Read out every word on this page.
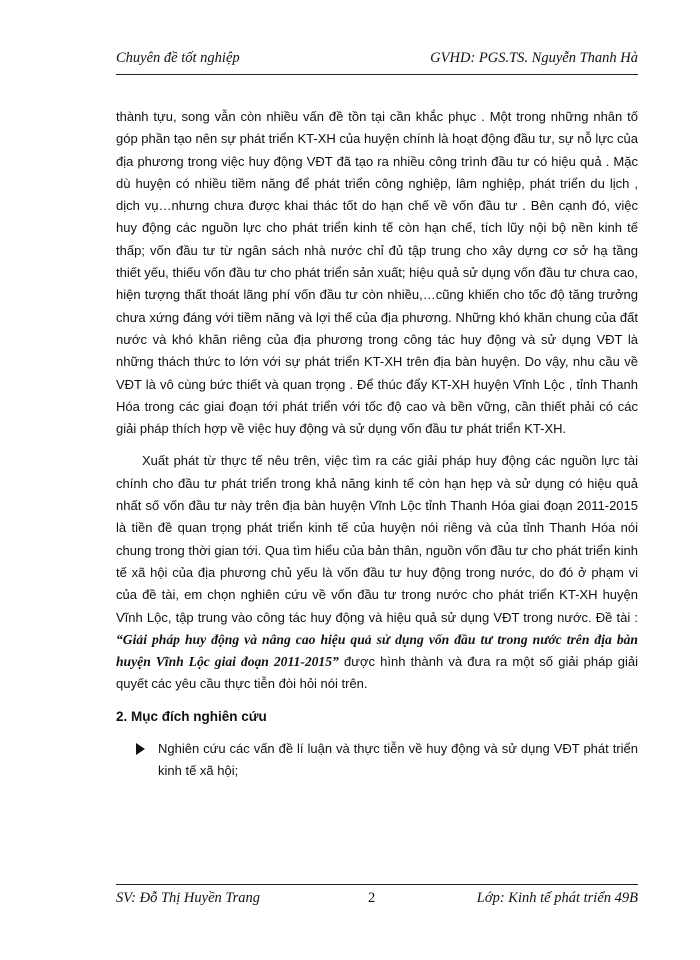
Chuyên đề tốt nghiệp	GVHD: PGS.TS. Nguyễn Thanh Hà

thành tựu, song vẫn còn nhiều vấn đề tồn tại cần khắc phục . Một trong những nhân tố góp phần tạo nên sự phát triển KT-XH của huyện chính là hoạt động đầu tư, sự nỗ lực của địa phương trong việc huy động VĐT đã tạo ra nhiều công trình đầu tư có hiệu quả . Mặc dù huyện có nhiều tiềm năng để phát triển công nghiệp, lâm nghiệp, phát triển du lịch , dịch vụ…nhưng chưa được khai thác tốt do hạn chế về vốn đầu tư . Bên cạnh đó, việc huy động các nguồn lực cho phát triển kinh tế còn hạn chế, tích lũy nội bộ nền kinh tế thấp; vốn đầu tư từ ngân sách nhà nước chỉ đủ tập trung cho xây dựng cơ sở hạ tầng thiết yếu, thiếu vốn đầu tư cho phát triển sản xuất; hiệu quả sử dụng vốn đầu tư chưa cao, hiện tượng thất thoát lãng phí vốn đầu tư còn nhiều,…cũng khiến cho tốc độ tăng trưởng chưa xứng đáng với tiềm năng và lợi thế của địa phương. Những khó khăn chung của đất nước và khó khăn riêng của địa phương trong công tác huy động và sử dụng VĐT là những thách thức to lớn với sự phát triển KT-XH trên địa bàn huyện. Do vậy, nhu cầu về VĐT là vô cùng bức thiết và quan trọng . Để thúc đẩy KT-XH huyện Vĩnh Lộc , tỉnh Thanh Hóa trong các giai đoạn tới phát triển với tốc độ cao và bền vững, cần thiết phải có các giải pháp thích hợp về việc huy động và sử dụng vốn đầu tư phát triển KT-XH.

Xuất phát từ thực tế nêu trên, việc tìm ra các giải pháp huy động các nguồn lực tài chính cho đầu tư phát triển trong khả năng kinh tế còn hạn hẹp và sử dụng có hiệu quả nhất số vốn đầu tư này trên địa bàn huyện Vĩnh Lộc tỉnh Thanh Hóa giai đoạn 2011-2015 là tiền đề quan trọng phát triển kinh tế của huyện nói riêng và của tỉnh Thanh Hóa nói chung trong thời gian tới. Qua tìm hiểu của bản thân, nguồn vốn đầu tư cho phát triển kinh tế xã hội của địa phương chủ yếu là vốn đầu tư huy động trong nước, do đó ở phạm vi của đề tài, em chọn nghiên cứu về vốn đầu tư trong nước cho phát triển KT-XH huyện Vĩnh Lộc, tập trung vào công tác huy động và hiệu quả sử dụng VĐT trong nước. Đề tài : “Giải pháp huy động và nâng cao hiệu quả sử dụng vốn đầu tư trong nước trên địa bàn huyện Vĩnh Lộc giai đoạn 2011-2015” được hình thành và đưa ra một số giải pháp giải quyết các yêu cầu thực tiễn đòi hỏi nói trên.

2. Mục đích nghiên cứu
Nghiên cứu các vấn đề lí luận và thực tiễn về huy động và sử dụng VĐT phát triển kinh tế xã hội;
SV: Đỗ Thị Huyền Trang	2	Lớp: Kinh tế phát triển 49B
